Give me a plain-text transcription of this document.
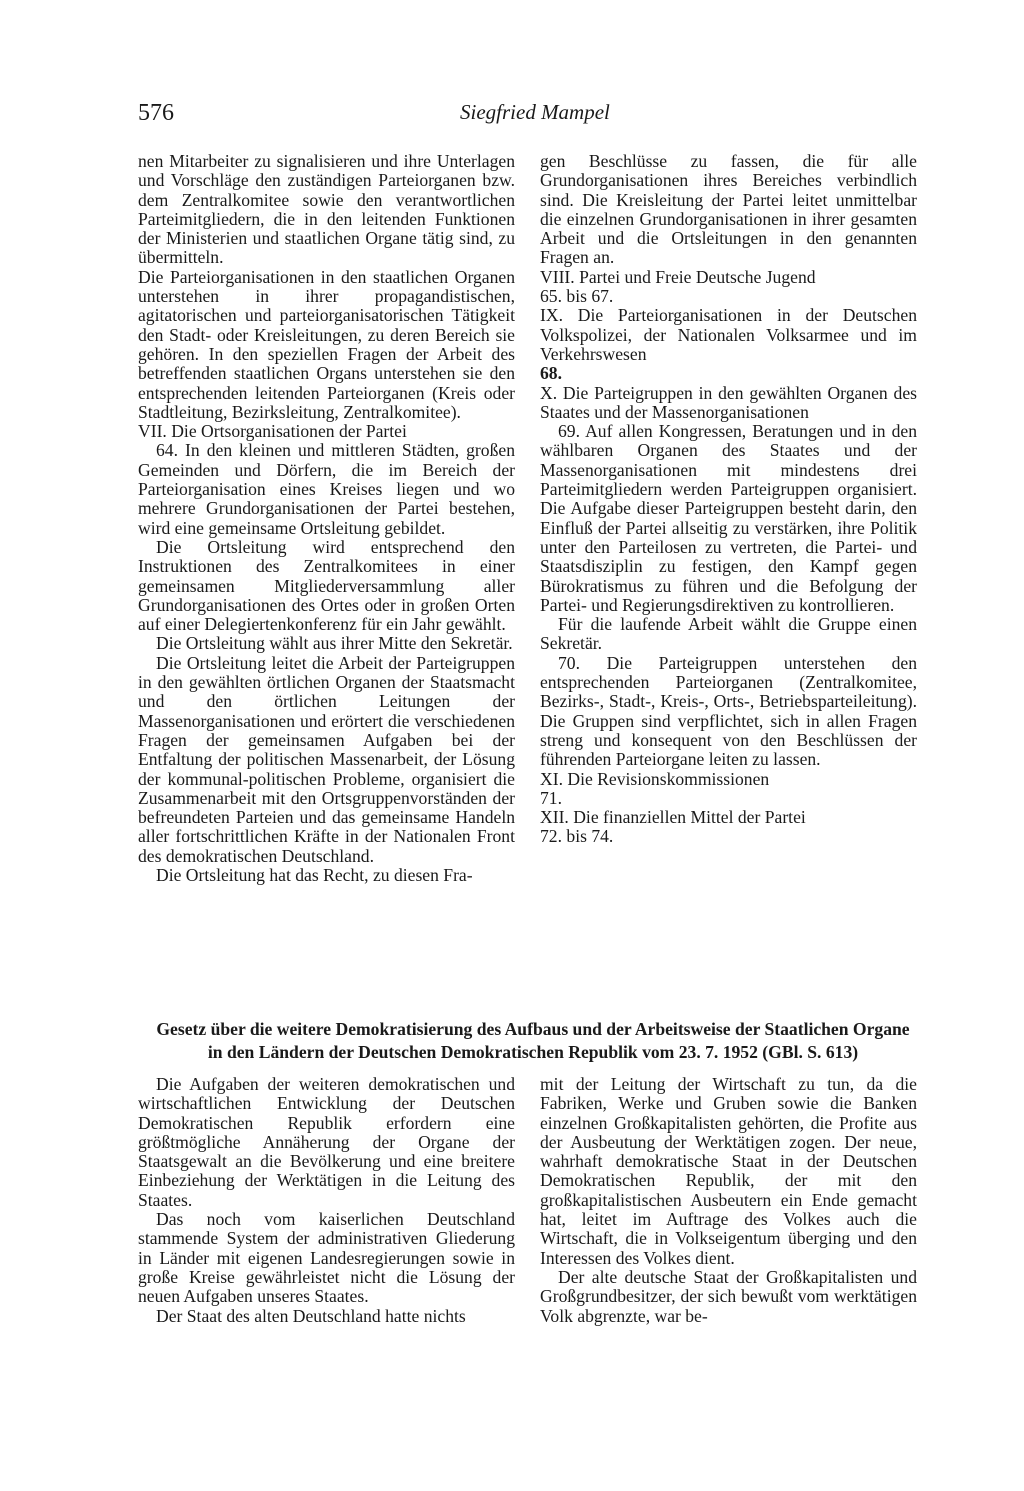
576	Siegfried Mampel

nen Mitarbeiter zu signalisieren und ihre Unterlagen und Vorschläge den zuständigen Parteiorganen bzw. dem Zentralkomitee sowie den verantwortlichen Parteimitgliedern, die in den leitenden Funktionen der Ministerien und staatlichen Organe tätig sind, zu übermitteln.

Die Parteiorganisationen in den staatlichen Organen unterstehen in ihrer propagandistischen, agitatorischen und parteiorganisatorischen Tätigkeit den Stadt- oder Kreisleitungen, zu deren Bereich sie gehören. In den speziellen Fragen der Arbeit des betreffenden staatlichen Organs unterstehen sie den entsprechenden leitenden Parteiorganen (Kreis oder Stadtleitung, Bezirksleitung, Zentralkomitee).

VII. Die Ortsorganisationen der Partei

64. In den kleinen und mittleren Städten, großen Gemeinden und Dörfern, die im Bereich der Parteiorganisation eines Kreises liegen und wo mehrere Grundorganisationen der Partei bestehen, wird eine gemeinsame Ortsleitung gebildet.

Die Ortsleitung wird entsprechend den Instruktionen des Zentralkomitees in einer gemeinsamen Mitgliederversammlung aller Grundorganisationen des Ortes oder in großen Orten auf einer Delegiertenkonferenz für ein Jahr gewählt.

Die Ortsleitung wählt aus ihrer Mitte den Sekretär.

Die Ortsleitung leitet die Arbeit der Parteigruppen in den gewählten örtlichen Organen der Staatsmacht und den örtlichen Leitungen der Massenorganisationen und erörtert die verschiedenen Fragen der gemeinsamen Aufgaben bei der Entfaltung der politischen Massenarbeit, der Lösung der kommunal-politischen Probleme, organisiert die Zusammenarbeit mit den Ortsgruppenvorständen der befreundeten Parteien und das gemeinsame Handeln aller fortschrittlichen Kräfte in der Nationalen Front des demokratischen Deutschland.

Die Ortsleitung hat das Recht, zu diesen Fra-

gen Beschlüsse zu fassen, die für alle Grundorganisationen ihres Bereiches verbindlich sind. Die Kreisleitung der Partei leitet unmittelbar die einzelnen Grundorganisationen in ihrer gesamten Arbeit und die Ortsleitungen in den genannten Fragen an.

VIII. Partei und Freie Deutsche Jugend

65. bis 67.

IX. Die Parteiorganisationen in der Deutschen Volkspolizei, der Nationalen Volksarmee und im Verkehrswesen

68.

X. Die Parteigruppen in den gewählten Organen des Staates und der Massenorganisationen

69. Auf allen Kongressen, Beratungen und in den wählbaren Organen des Staates und der Massenorganisationen mit mindestens drei Parteimitgliedern werden Parteigruppen organisiert. Die Aufgabe dieser Parteigruppen besteht darin, den Einfluß der Partei allseitig zu verstärken, ihre Politik unter den Parteilosen zu vertreten, die Partei- und Staatsdisziplin zu festigen, den Kampf gegen Bürokratismus zu führen und die Befolgung der Partei- und Regierungsdirektiven zu kontrollieren.

Für die laufende Arbeit wählt die Gruppe einen Sekretär.

70. Die Parteigruppen unterstehen den entsprechenden Parteiorganen (Zentralkomitee, Bezirks-, Stadt-, Kreis-, Orts-, Betriebsparteileitung). Die Gruppen sind verpflichtet, sich in allen Fragen streng und konsequent von den Beschlüssen der führenden Parteiorgane leiten zu lassen.

XI. Die Revisionskommissionen

71.

XII. Die finanziellen Mittel der Partei

72. bis 74.

Gesetz über die weitere Demokratisierung des Aufbaus und der Arbeitsweise der Staatlichen Organe
in den Ländern der Deutschen Demokratischen Republik vom 23. 7. 1952 (GBl. S. 613)

Die Aufgaben der weiteren demokratischen und wirtschaftlichen Entwicklung der Deutschen Demokratischen Republik erfordern eine größtmögliche Annäherung der Organe der Staatsgewalt an die Bevölkerung und eine breitere Einbeziehung der Werktätigen in die Leitung des Staates.

Das noch vom kaiserlichen Deutschland stammende System der administrativen Gliederung in Länder mit eigenen Landesregierungen sowie in große Kreise gewährleistet nicht die Lösung der neuen Aufgaben unseres Staates.

Der Staat des alten Deutschland hatte nichts

mit der Leitung der Wirtschaft zu tun, da die Fabriken, Werke und Gruben sowie die Banken einzelnen Großkapitalisten gehörten, die Profite aus der Ausbeutung der Werktätigen zogen. Der neue, wahrhaft demokratische Staat in der Deutschen Demokratischen Republik, der mit den großkapitalistischen Ausbeutern ein Ende gemacht hat, leitet im Auftrage des Volkes auch die Wirtschaft, die in Volkseigentum überging und den Interessen des Volkes dient.

Der alte deutsche Staat der Großkapitalisten und Großgrundbesitzer, der sich bewußt vom werktätigen Volk abgrenzte, war be-
